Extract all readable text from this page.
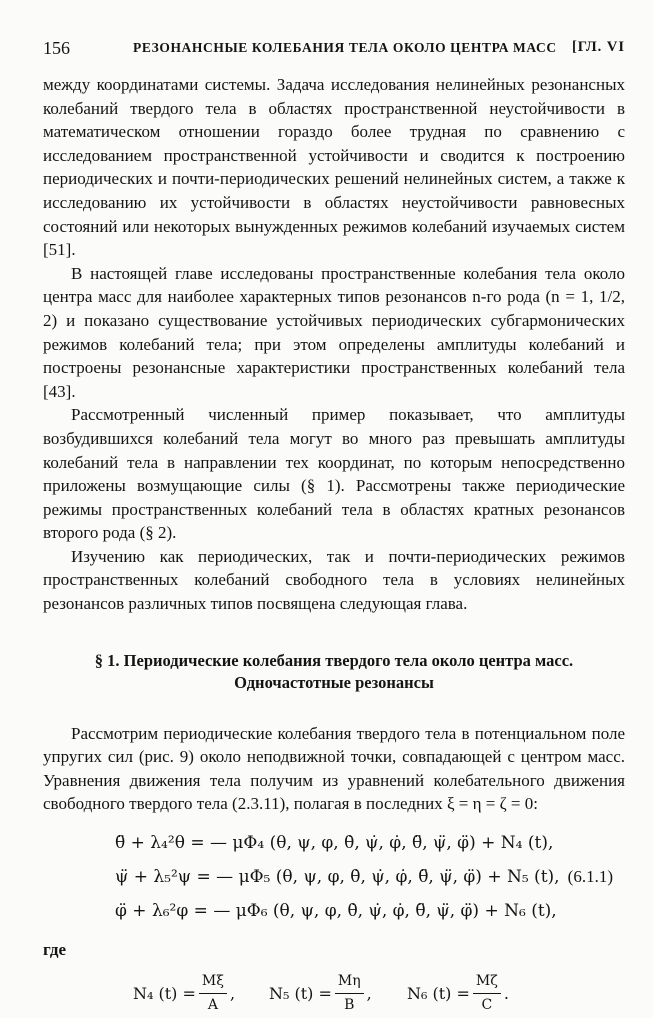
156	РЕЗОНАНСНЫЕ КОЛЕБАНИЯ ТЕЛА ОКОЛО ЦЕНТРА МАСС [ГЛ. VI

между координатами системы. Задача исследования нелинейных резонансных колебаний твердого тела в областях пространственной неустойчивости в математическом отношении гораздо более трудная по сравнению с исследованием пространственной устойчивости и сводится к построению периодических и почти-периодических решений нелинейных систем, а также к исследованию их устойчивости в областях неустойчивости равновесных состояний или некоторых вынужденных режимов колебаний изучаемых систем [51].

В настоящей главе исследованы пространственные колебания тела около центра масс для наиболее характерных типов резонансов n-го рода (n = 1, 1/2, 2) и показано существование устойчивых периодических субгармонических режимов колебаний тела; при этом определены амплитуды колебаний и построены резонансные характеристики пространственных колебаний тела [43].

Рассмотренный численный пример показывает, что амплитуды возбудившихся колебаний тела могут во много раз превышать амплитуды колебаний тела в направлении тех координат, по которым непосредственно приложены возмущающие силы (§ 1). Рассмотрены также периодические режимы пространственных колебаний тела в областях кратных резонансов второго рода (§ 2).

Изучению как периодических, так и почти-периодических режимов пространственных колебаний свободного тела в условиях нелинейных резонансов различных типов посвящена следующая глава.

§ 1. Периодические колебания твердого тела около центра масс.
Одночастотные резонансы

Рассмотрим периодические колебания твердого тела в потенциальном поле упругих сил (рис. 9) около неподвижной точки, совпадающей с центром масс. Уравнения движения тела получим из уравнений колебательного движения свободного твердого тела (2.3.11), полагая в последних ξ = η = ζ = 0:

θ̈ + λ₄²θ = — μΦ₄ (θ, ψ, φ, θ̇, ψ̇, φ̇, θ̈, ψ̈, φ̈) + N₄ (t),
ψ̈ + λ₅²ψ = — μΦ₅ (θ, ψ, φ, θ̇, ψ̇, φ̇, θ̈, ψ̈, φ̈) + N₅ (t),
φ̈ + λ₆²φ = — μΦ₆ (θ, ψ, φ, θ̇, ψ̇, φ̇, θ̈, ψ̈, φ̈) + N₆ (t),
(6.1.1)

где

N₄ $(t) = \frac{M\xi}{A}$ , N₅ $(t) = \frac{M\eta}{B}$ , N₆ $(t) = \frac{M\zeta}{C}$ .
